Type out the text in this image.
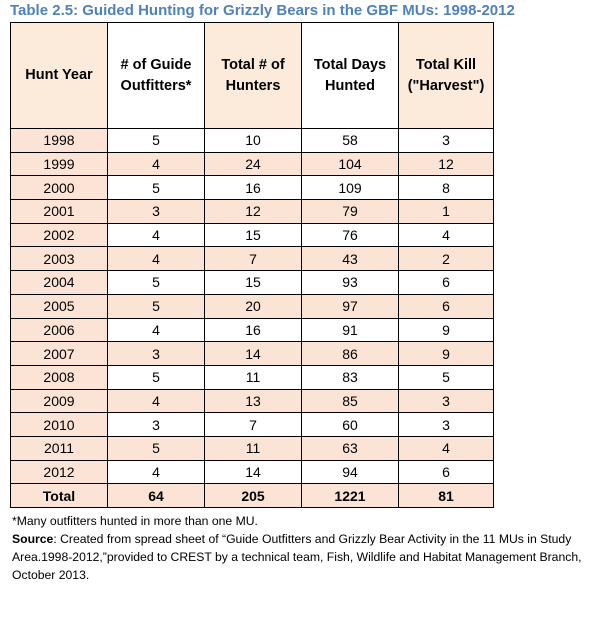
Table 2.5: Guided Hunting for Grizzly Bears in the GBF MUs: 1998-2012
Hunt Year	# of Guide Outfitters*	Total # of Hunters	Total Days Hunted	Total Kill ("Harvest")
1998	5	10	58	3
1999	4	24	104	12
2000	5	16	109	8
2001	3	12	79	1
2002	4	15	76	4
2003	4	7	43	2
2004	5	15	93	6
2005	5	20	97	6
2006	4	16	91	9
2007	3	14	86	9
2008	5	11	83	5
2009	4	13	85	3
2010	3	7	60	3
2011	5	11	63	4
2012	4	14	94	6
Total	64	205	1221	81
*Many outfitters hunted in more than one MU.
Source: Created from spread sheet of “Guide Outfitters and Grizzly Bear Activity in the 11 MUs in Study Area.1998-2012,”provided to CREST by a technical team, Fish, Wildlife and Habitat Management Branch, October 2013.
